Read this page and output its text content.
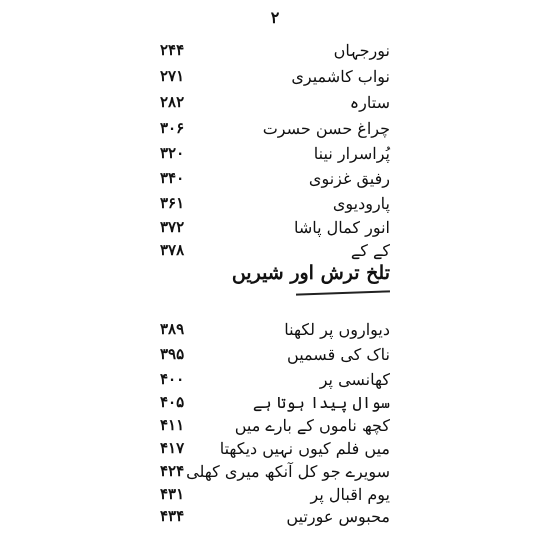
۲
۲۴۴	نورجہاں
۲۷۱	نواب کاشمیری
۲۸۲	ستارہ
۳۰۶	چراغ حسن حسرت
۳۲۰	پُراسرار نینا
۳۴۰	رفیق غزنوی
۳۶۱	پارودیوی
۳۷۲	انور کمال پاشا
۳۷۸	کے کے
تلخ ترش اور شیریں
۳۸۹	دیواروں پر لکھنا
۳۹۵	ناک کی قسمیں
۴۰۰	کھانسی پر
۴۰۵	سوال پیدا ہوتا ہے
۴۱۱	کچھ ناموں کے بارے میں
۴۱۷	میں فلم کیوں نہیں دیکھتا
۴۲۴ سویرے جو کل آنکھ میری کھلی
۴۳۱	یوم اقبال پر
۴۳۴	محبوس عورتیں
